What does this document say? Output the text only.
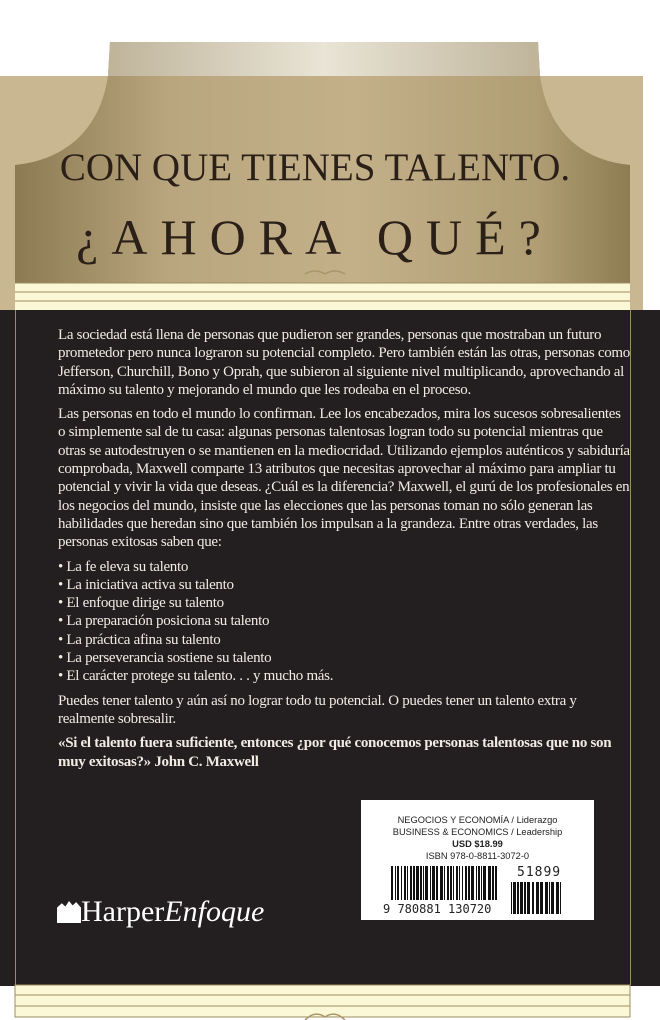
CON QUE TIENES TALENTO.
¿AHORA QUÉ?

La sociedad está llena de personas que pudieron ser grandes, personas que mostraban un futuro prometedor pero nunca lograron su potencial completo. Pero también están las otras, personas como Jefferson, Churchill, Bono y Oprah, que subieron al siguiente nivel multiplicando, aprovechando al máximo su talento y mejorando el mundo que les rodeaba en el proceso.

Las personas en todo el mundo lo confirman. Lee los encabezados, mira los sucesos sobresalientes o simplemente sal de tu casa: algunas personas talentosas logran todo su potencial mientras que otras se autodestruyen o se mantienen en la mediocridad. Utilizando ejemplos auténticos y sabiduría comprobada, Maxwell comparte 13 atributos que necesitas aprovechar al máximo para ampliar tu potencial y vivir la vida que deseas. ¿Cuál es la diferencia? Maxwell, el gurú de los profesionales en los negocios del mundo, insiste que las elecciones que las personas toman no sólo generan las habilidades que heredan sino que también los impulsan a la grandeza. Entre otras verdades, las personas exitosas saben que:

• La fe eleva su talento
• La iniciativa activa su talento
• El enfoque dirige su talento
• La preparación posiciona su talento
• La práctica afina su talento
• La perseverancia sostiene su talento
• El carácter protege su talento. . . y mucho más.

Puedes tener talento y aún así no lograr todo tu potencial. O puedes tener un talento extra y realmente sobresalir.

«Si el talento fuera suficiente, entonces ¿por qué conocemos personas talentosas que no son muy exitosas?» John C. Maxwell

NEGOCIOS Y ECONOMÍA / Liderazgo
BUSINESS & ECONOMICS / Leadership
USD $18.99
ISBN 978-0-8811-3072-0
9 780881 130720
51899
HarperEnfoque
